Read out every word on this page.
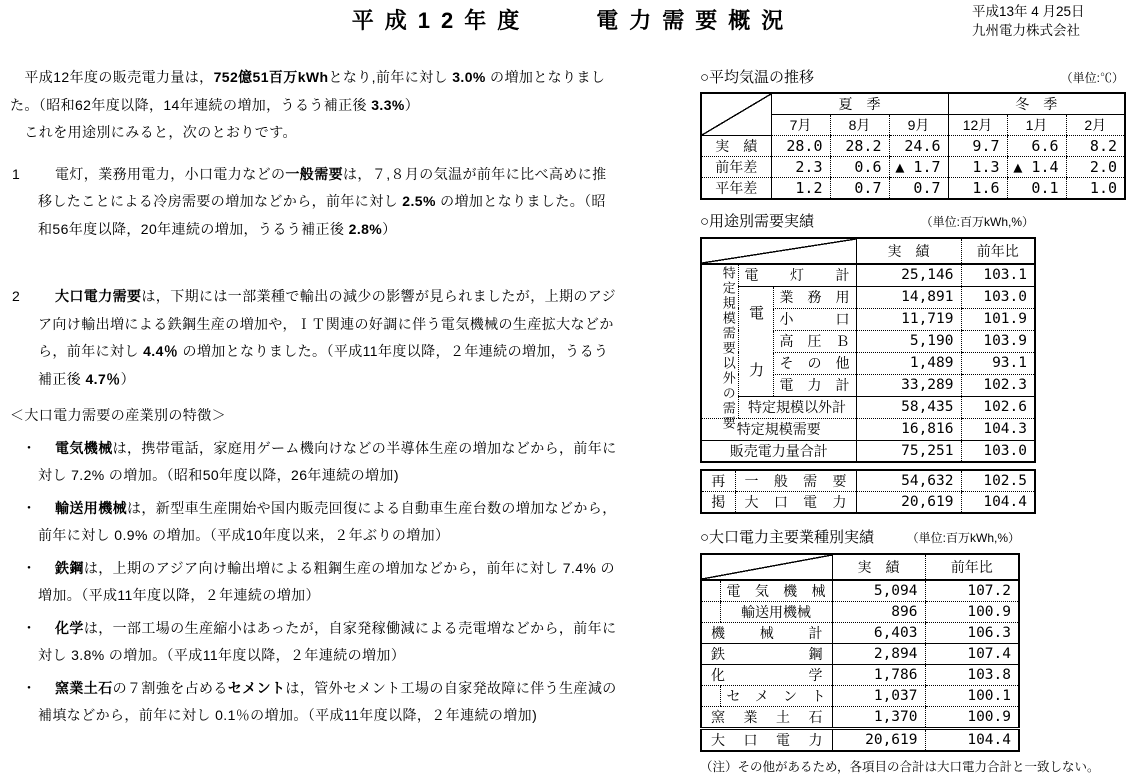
平成12年度　　電力需要概況	平成13年 4 月25日
九州電力株式会社

　平成12年度の販売電力量は，752億51百万kWhとなり,前年に対し 3.0% の増加となりました。（昭和62年度以降，14年連続の増加，うるう補正後 3.3%）

　これを用途別にみると，次のとおりです。

1	電灯，業務用電力，小口電力などの一般需要は，７,８月の気温が前年に比べ高めに推移したことによる冷房需要の増加などから，前年に対し 2.5% の増加となりました。（昭和56年度以降，20年連続の増加，うるう補正後 2.8%）
2	大口電力需要は，下期には一部業種で輸出の減少の影響が見られましたが，上期のアジア向け輸出増による鉄鋼生産の増加や，ＩＴ関連の好調に伴う電気機械の生産拡大などから，前年に対し 4.4％ の増加となりました。（平成11年度以降，２年連続の増加，うるう補正後 4.7％）
＜大口電力需要の産業別の特徴＞
・	電気機械は，携帯電話，家庭用ゲーム機向けなどの半導体生産の増加などから，前年に対し 7.2% の増加。（昭和50年度以降，26年連続の増加)
・	輸送用機械は，新型車生産開始や国内販売回復による自動車生産台数の増加などから，前年に対し 0.9% の増加。（平成10年度以来，２年ぶりの増加）
・	鉄鋼は，上期のアジア向け輸出増による粗鋼生産の増加などから，前年に対し 7.4% の増加。（平成11年度以降，２年連続の増加）
・	化学は，一部工場の生産縮小はあったが，自家発稼働減による売電増などから，前年に対し 3.8% の増加。（平成11年度以降，２年連続の増加）
・	窯業土石の７割強を占めるセメントは，管外セメント工場の自家発故障に伴う生産減の補填などから，前年に対し 0.1％の増加。（平成11年度以降，２年連続の増加)
○平均気温の推移	（単位:℃）
	夏　季			冬　季		
	7月	8月	9月	12月	1月	2月
実　績	28.0	28.2	24.6	9.7	6.6	8.2
前年差	2.3	0.6	▲ 1.7	1.3	▲ 1.4	2.0
平年差	1.2	0.7	0.7	1.6	0.1	1.0
○用途別需要実績	（単位:百万kWh,%）
			実　績	前年比

特定規模需要以外の需要	電灯計		25,146	103.1

	電力	業務用	14,891	103.0
		小口	11,719	101.9
		高圧Ｂ	5,190	103.9
		その他	1,489	93.1
		電力計	33,289	102.3
	特定規模以外計		58,435	102.6
特定規模需要			16,816	104.3
販売電力量合計			75,251	103.0
再	一般需要	54,632	102.5
掲	大口電力	20,619	104.4
○大口電力主要業種別実績	（単位:百万kWh,%）
		実　績	前年比
	電気機械	5,094	107.2
	輸送用機械	896	100.9
機械計		6,403	106.3
鉄鋼		2,894	107.4
化学		1,786	103.8
	セメント	1,037	100.1
窯業土石		1,370	100.9
大口電力		20,619	104.4
（注）その他があるため，各項目の合計は大口電力合計と一致しない。
